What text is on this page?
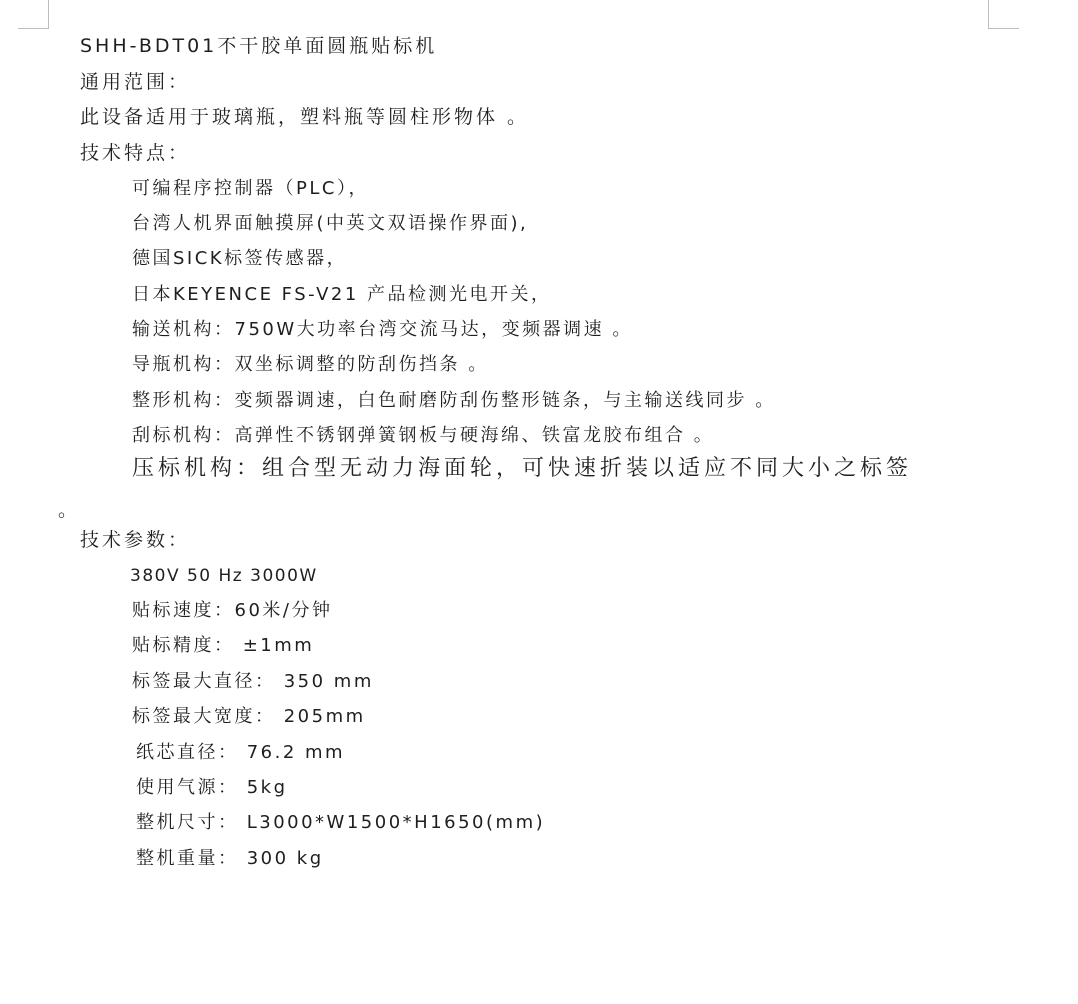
SHH-BDT01不干胶单面圆瓶贴标机
通用范围：
此设备适用于玻璃瓶，塑料瓶等圆柱形物体 。
技术特点：
可编程序控制器（PLC），
台湾人机界面触摸屏(中英文双语操作界面),
德国SICK标签传感器，
日本KEYENCE FS-V21 产品检测光电开关，
输送机构：750W大功率台湾交流马达，变频器调速 。
导瓶机构：双坐标调整的防刮伤挡条 。
整形机构：变频器调速，白色耐磨防刮伤整形链条，与主输送线同步 。
刮标机构：高弹性不锈钢弹簧钢板与硬海绵、铁富龙胶布组合 。
压标机构：组合型无动力海面轮，可快速折装以适应不同大小之标签
。
技术参数：
380V 50 Hz 3000W
贴标速度：60米/分钟
贴标精度： ±1mm
标签最大直径： 350 mm
标签最大宽度： 205mm
纸芯直径： 76.2 mm
使用气源： 5kg
整机尺寸： L3000*W1500*H1650(mm)
整机重量： 300 kg
